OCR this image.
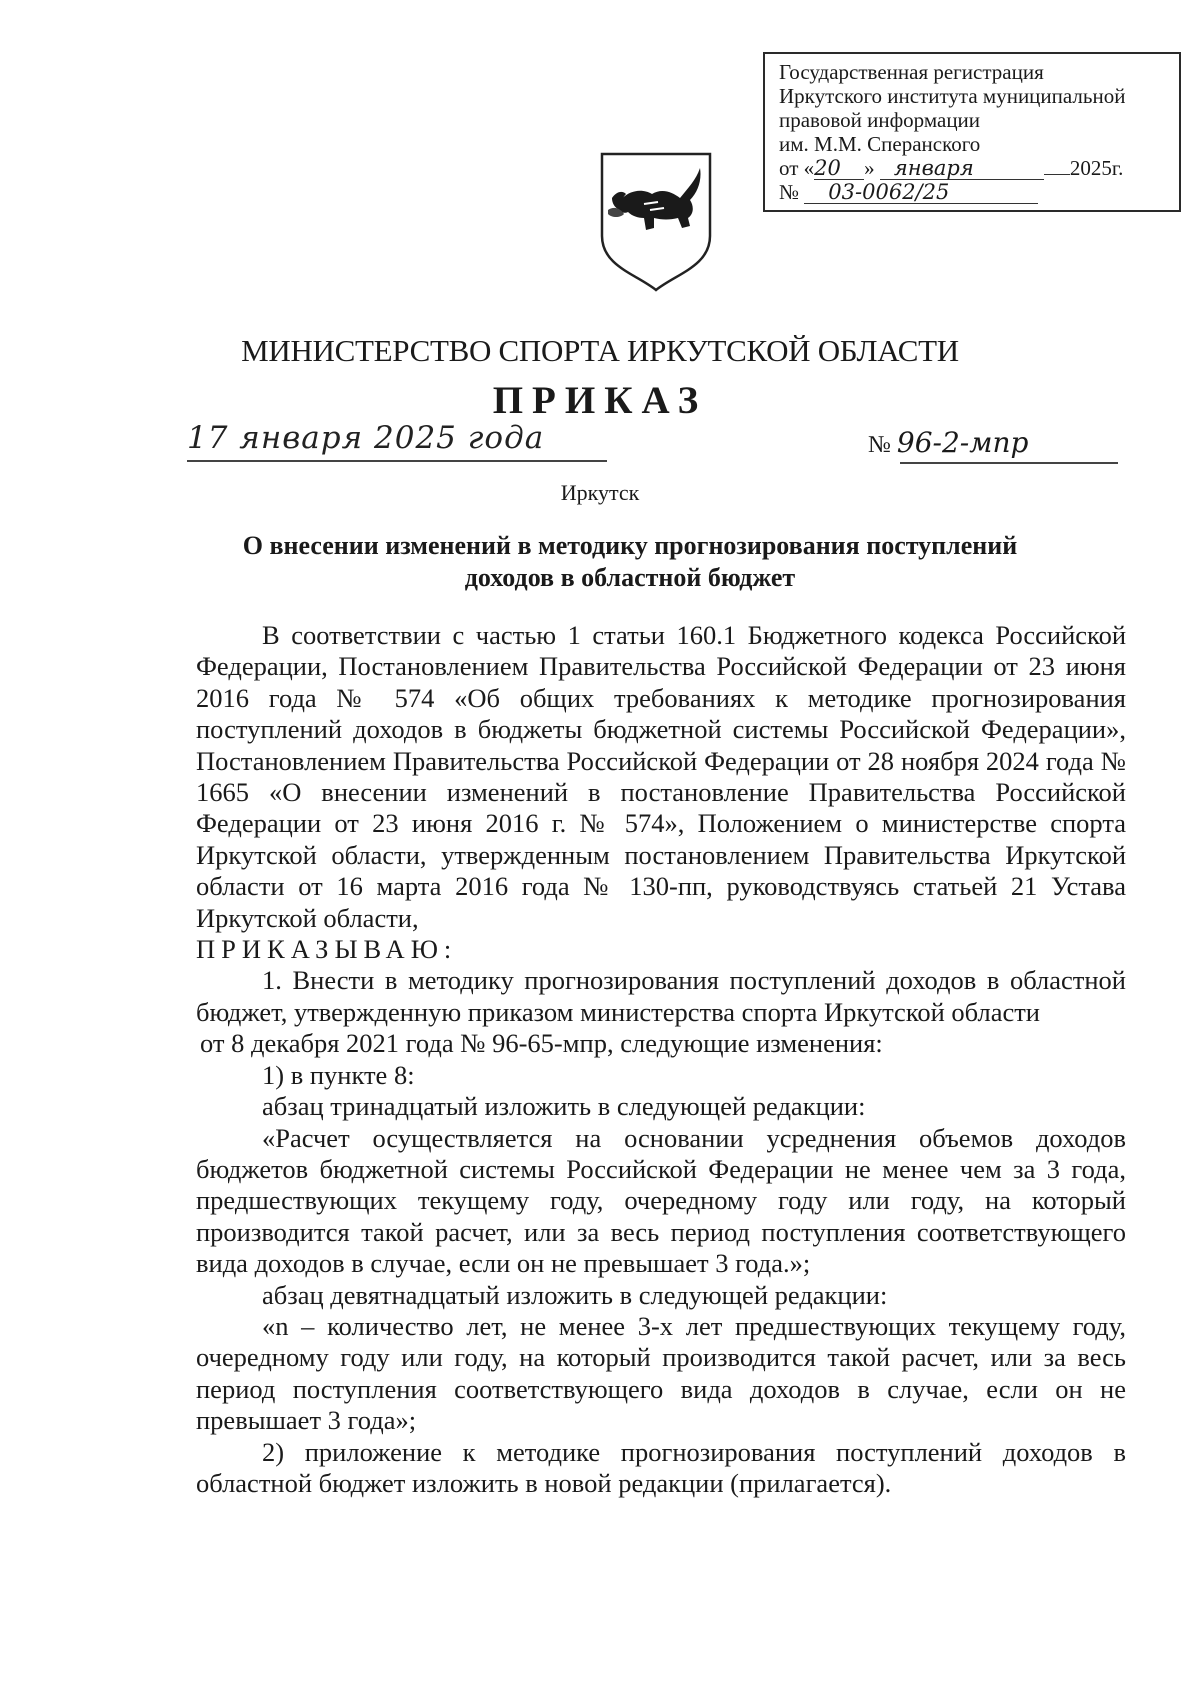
Государственная регистрация
Иркутского института муниципальной
правовой информации
им. М.М. Сперанского
от «20 » января	2025г.
№ 03-0062/25
МИНИСТЕРСТВО СПОРТА ИРКУТСКОЙ ОБЛАСТИ
ПРИКАЗ
17 января 2025 года	№ 96-2-мпр
Иркутск
О внесении изменений в методику прогнозирования поступлений
доходов в областной бюджет

В соответствии с частью 1 статьи 160.1 Бюджетного кодекса Российской Федерации, Постановлением Правительства Российской Федерации от 23 июня 2016 года № 574 «Об общих требованиях к методике прогнозирования поступлений доходов в бюджеты бюджетной системы Российской Федерации», Постановлением Правительства Российской Федерации от 28 ноября 2024 года № 1665 «О внесении изменений в постановление Правительства Российской Федерации от 23 июня 2016 г. № 574», Положением о министерстве спорта Иркутской области, утвержденным постановлением Правительства Иркутской области от 16 марта 2016 года № 130-пп, руководствуясь статьей 21 Устава Иркутской области,

ПРИКАЗЫВАЮ:

1. Внести в методику прогнозирования поступлений доходов в областной бюджет, утвержденную приказом министерства спорта Иркутской области

от 8 декабря 2021 года № 96-65-мпр, следующие изменения:

1) в пункте 8:

абзац тринадцатый изложить в следующей редакции:

«Расчет осуществляется на основании усреднения объемов доходов бюджетов бюджетной системы Российской Федерации не менее чем за 3 года, предшествующих текущему году, очередному году или году, на который производится такой расчет, или за весь период поступления соответствующего вида доходов в случае, если он не превышает 3 года.»;

абзац девятнадцатый изложить в следующей редакции:

«n – количество лет, не менее 3-х лет предшествующих текущему году, очередному году или году, на который производится такой расчет, или за весь период поступления соответствующего вида доходов в случае, если он не превышает 3 года»;

2) приложение к методике прогнозирования поступлений доходов в областной бюджет изложить в новой редакции (прилагается).
